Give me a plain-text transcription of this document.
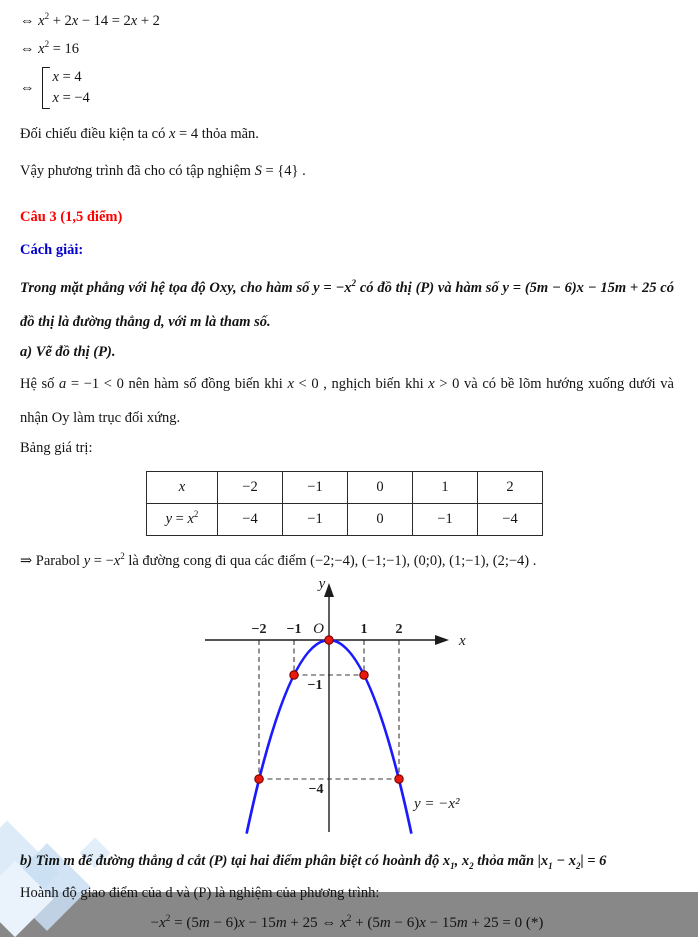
⇔ $x^2 + 2x - 14 = 2x + 2$

⇔ $x^2 = 16$

⇔
x = 4
x = −4

Đối chiếu điều kiện ta có x = 4 thỏa mãn.

Vậy phương trình đã cho có tập nghiệm S = {4} .

Câu 3 (1,5 điểm)

Cách giải:

Trong mặt phẳng với hệ tọa độ Oxy, cho hàm số $y = -x^2$ có đồ thị (P) và hàm số y = (5m − 6)x − 15m + 25 có

đồ thị là đường thẳng d, với m là tham số.

a) Vẽ đồ thị (P).

Hệ số a = −1 < 0 nên hàm số đồng biến khi x < 0 , nghịch biến khi x > 0 và có bề lõm hướng xuống dưới và

nhận Oy làm trục đối xứng.

Bảng giá trị:

x	−2	−1	0	1	2
$y = x^2$	−4	−1	0	−1	−4

⇒ Parabol $y = -x^2$ là đường cong đi qua các điểm (−2;−4), (−1;−1), (0;0), (1;−1), (2;−4) .

−2 −1 O	1 2
−1
−4
x
y
y = −x²

b) Tìm m để đường thẳng d cắt (P) tại hai điểm phân biệt có hoành độ $x_1$, $x_2$ thỏa mãn $|x_1 - x_2| = 6$

Hoành độ giao điểm của d và (P) là nghiệm của phương trình:

$-x^2 = (5m - 6)x - 15m + 25$ ⇔ $x^2 + (5m - 6)x - 15m + 25 = 0$ (*)
